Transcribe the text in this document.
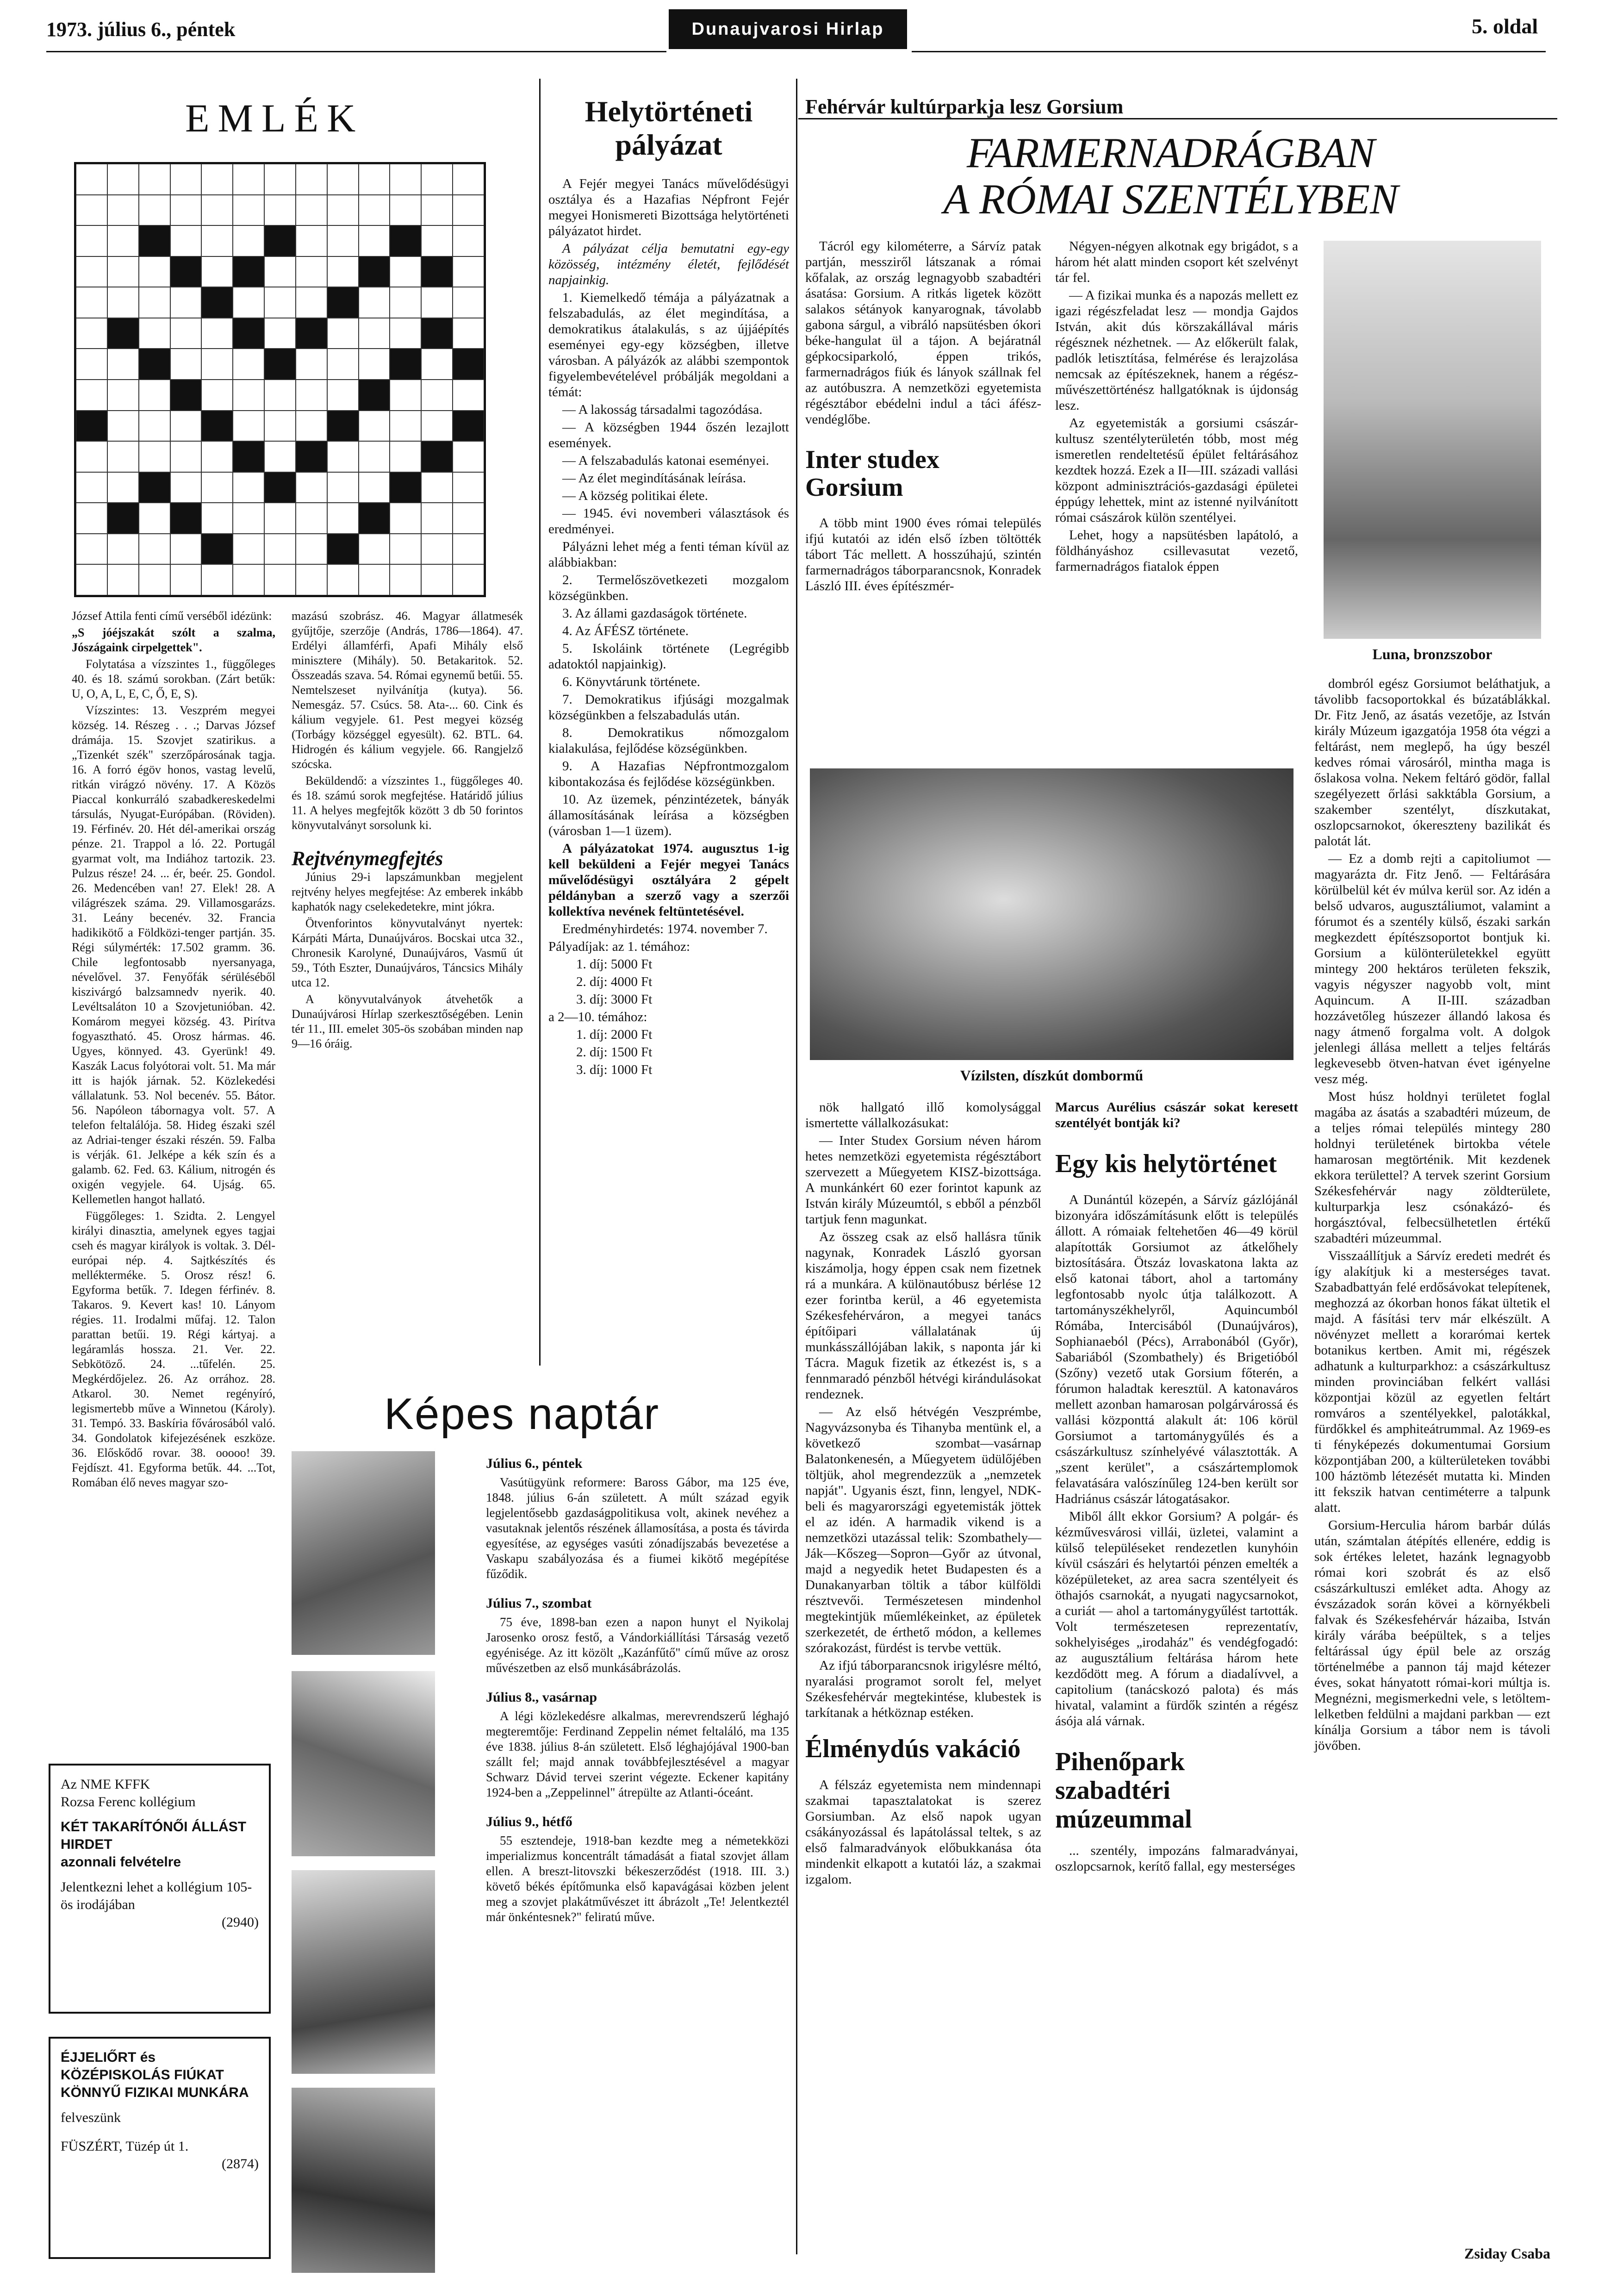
1973. július 6., péntek	Dunaujvarosi Hirlap	5. oldal
EMLÉK

József Attila fenti című verséből idézünk:

„S jóéjszakát szólt a szalma, Jószágaink cirpelgettek".

Folytatása a vízszintes 1., függőleges 40. és 18. számú sorokban. (Zárt betűk: U, O, A, L, E, C, Ő, E, S).

Vízszintes: 13. Veszprém megyei község. 14. Részeg . . .; Darvas József drámája. 15. Szovjet szatirikus. a „Tizenkét szék" szerzőpárosának tagja. 16. A forró égöv honos, vastag levelű, ritkán virágzó növény. 17. A Közös Piaccal konkurráló szabadkereskedelmi társulás, Nyugat-Európában. (Röviden). 19. Férfinév. 20. Hét dél-amerikai ország pénze. 21. Trappol a ló. 22. Portugál gyarmat volt, ma Indiához tartozik. 23. Pulzus része! 24. ... ér, beér. 25. Gondol. 26. Medencében van! 27. Elek! 28. A világrészek száma. 29. Villamosgarázs. 31. Leány becenév. 32. Francia hadikikötő a Földközi-tenger partján. 35. Régi súlymérték: 17.502 gramm. 36. Chile legfontosabb nyersanyaga, névelővel. 37. Fenyőfák sérüléséből kiszivárgó balzsamnedv nyerik. 40. Levéltsaláton 10 a Szovjetunióban. 42. Komárom megyei község. 43. Pirítva fogyasztható. 45. Orosz hármas. 46. Ugyes, könnyed. 43. Gyerünk! 49. Kaszák Lacus folyótorai volt. 51. Ma már itt is hajók járnak. 52. Közlekedési vállalatunk. 53. Nol becenév. 55. Bátor. 56. Napóleon tábornagya volt. 57. A telefon feltalálója. 58. Hideg északi szél az Adriai-tenger északi részén. 59. Falba is vérják. 61. Jelképe a kék szín és a galamb. 62. Fed. 63. Kálium, nitrogén és oxigén vegyjele. 64. Ujság. 65. Kellemetlen hangot hallató.

Függőleges: 1. Szidta. 2. Lengyel királyi dinasztia, amelynek egyes tagjai cseh és magyar királyok is voltak. 3. Dél-európai nép. 4. Sajtkészítés és mellékterméke. 5. Orosz rész! 6. Egyforma betűk. 7. Idegen férfinév. 8. Takaros. 9. Kevert kas! 10. Lányom régies. 11. Irodalmi műfaj. 12. Talon parattan betűi. 19. Régi kártyaj. a legáramlás hossza. 21. Ver. 22. Sebkötöző. 24. ...tűfelén. 25. Megkérdőjelez. 26. Az orrához. 28. Atkarol. 30. Nemet regényíró, legismertebb műve a Winnetou (Károly). 31. Tempó. 33. Baskíria fővárosából való. 34. Gondolatok kifejezésének eszköze. 36. Előskődő rovar. 38. ooooo! 39. Fejdíszt. 41. Egyforma betűk. 44. ...Tot, Romában élő neves magyar szo-

mazású szobrász. 46. Magyar állatmesék gyűjtője, szerzője (András, 1786—1864). 47. Erdélyi államférfi, Apafi Mihály első minisztere (Mihály). 50. Betakaritok. 52. Összeadás szava. 54. Római egynemű betűi. 55. Nemtelszeset nyilvánítja (kutya). 56. Nemesgáz. 57. Csúcs. 58. Ata-... 60. Cink és kálium vegyjele. 61. Pest megyei község (Torbágy községgel egyesült). 62. BTL. 64. Hidrogén és kálium vegyjele. 66. Rangjelző szócska.

Beküldendő: a vízszintes 1., függőleges 40. és 18. számú sorok megfejtése. Határidő július 11. A helyes megfejtők között 3 db 50 forintos könyvutalványt sorsolunk ki.

Rejtvénymegfejtés

Június 29-i lapszámunkban megjelent rejtvény helyes megfejtése: Az emberek inkább kaphatók nagy cselekedetekre, mint jókra.

Ötvenforintos könyvutalványt nyertek: Kárpáti Márta, Dunaújváros. Bocskai utca 32., Chronesik Karolyné, Dunaújváros, Vasmű út 59., Tóth Eszter, Dunaújváros, Táncsics Mihály utca 12.

A könyvutalványok átvehetők a Dunaújvárosi Hírlap szerkesztőségében. Lenin tér 11., III. emelet 305-ös szobában minden nap 9—16 óráig.

Helytörténeti
pályázat

A Fejér megyei Tanács művelődésügyi osztálya és a Hazafias Népfront Fejér megyei Honismereti Bizottsága helytörténeti pályázatot hirdet.

A pályázat célja bemutatni egy-egy közösség, intézmény életét, fejlődését napjainkig.

1. Kiemelkedő témája a pályázatnak a felszabadulás, az élet megindítása, a demokratikus átalakulás, s az újjáépítés eseményei egy-egy községben, illetve városban. A pályázók az alábbi szempontok figyelembevételével próbálják megoldani a témát:

— A lakosság társadalmi tagozódása.

— A községben 1944 őszén lezajlott események.

— A felszabadulás katonai eseményei.

— Az élet megindításának leírása.

— A község politikai élete.

— 1945. évi novemberi választások és eredményei.

Pályázni lehet még a fenti téman kívül az alábbiakban:

2. Termelőszövetkezeti mozgalom községünkben.

3. Az állami gazdaságok története.

4. Az ÁFÉSZ története.

5. Iskoláink története (Legrégibb adatoktól napjainkig).

6. Könyvtárunk története.

7. Demokratikus ifjúsági mozgalmak községünkben a felszabadulás után.

8. Demokratikus nőmozgalom kialakulása, fejlődése községünkben.

9. A Hazafias Népfrontmozgalom kibontakozása és fejlődése községünkben.

10. Az üzemek, pénzintézetek, bányák államosításának leírása a községben (városban 1—1 üzem).

A pályázatokat 1974. augusztus 1-ig kell beküldeni a Fejér megyei Tanács művelődésügyi osztályára 2 gépelt példányban a szerző vagy a szerzői kollektíva nevének feltüntetésével.

Eredményhirdetés: 1974. november 7.

Pályadíjak: az 1. témához:

1. díj: 5000 Ft

2. díj: 4000 Ft

3. díj: 3000 Ft

a 2—10. témához:

1. díj: 2000 Ft

2. díj: 1500 Ft

3. díj: 1000 Ft

Képes naptár
Július 6., péntek

Vasútügyünk reformere: Baross Gábor, ma 125 éve, 1848. július 6-án született. A múlt század egyik legjelentősebb gazdaságpolitikusa volt, akinek nevéhez a vasutaknak jelentős részének államosítása, a posta és távirda egyesítése, az egységes vasúti zónadíjszabás bevezetése a Vaskapu szabályozása és a fiumei kikötő megépítése fűződik.

Július 7., szombat

75 éve, 1898-ban ezen a napon hunyt el Nyikolaj Jarosenko orosz festő, a Vándorkiállítási Társaság vezető egyénisége. Az itt közölt „Kazánfűtő" című műve az orosz művészetben az első munkásábrázolás.

Július 8., vasárnap

A légi közlekedésre alkalmas, merevrendszerű léghajó megteremtője: Ferdinand Zeppelin német feltaláló, ma 135 éve 1838. július 8-án született. Első léghajójával 1900-ban szállt fel; majd annak továbbfejlesztésével a magyar Schwarz Dávid tervei szerint végezte. Eckener kapitány 1924-ben a „Zeppelinnel" átrepülte az Atlanti-óceánt.

Július 9., hétfő

55 esztendeje, 1918-ban kezdte meg a németekközi imperializmus koncentrált támadását a fiatal szovjet állam ellen. A breszt-litovszki békeszerződést (1918. III. 3.) követő békés építőmunka első kapavágásai közben jelent meg a szovjet plakátművészet itt ábrázolt „Te! Jelentkeztél már önkéntesnek?" feliratú műve.

Az NME KFFK
Rozsa Ferenc kollégium
KÉT TAKARÍTÓNŐI ÁLLÁST HIRDET
azonnali felvételre
Jelentkezni lehet a kollégium 105-ös irodájában
(2940)
ÉJJELIŐRT és KÖZÉPISKOLÁS FIÚKAT KÖNNYŰ FIZIKAI MUNKÁRA
felveszünk
FÜSZÉRT, Tüzép út 1.
(2874)
Fehérvár kultúrparkja lesz Gorsium
FARMERNADRÁGBAN
A RÓMAI SZENTÉLYBEN

Tácról egy kilométerre, a Sárvíz patak partján, messziről látszanak a római kőfalak, az ország legnagyobb szabadtéri ásatása: Gorsium. A ritkás ligetek között salakos sétányok kanyarognak, távolabb gabona sárgul, a vibráló napsütésben ókori béke-hangulat ül a tájon. A bejáratnál gépkocsiparkoló, éppen trikós, farmernadrágos fiúk és lányok szállnak fel az autóbuszra. A nemzetközi egyetemista régésztábor ebédelni indul a táci áfész-vendéglőbe.

Inter studex Gorsium

A több mint 1900 éves római település ifjú kutatói az idén első ízben töltötték tábort Tác mellett. A hosszúhajú, szintén farmernadrágos táborparancsnok, Konradek László III. éves építészmér-

Négyen-négyen alkotnak egy brigádot, s a három hét alatt minden csoport két szelvényt tár fel.

— A fizikai munka és a napozás mellett ez igazi régészfeladat lesz — mondja Gajdos István, akit dús körszakállával máris régésznek nézhetnek. — Az előkerült falak, padlók letisztítása, felmérése és lerajzolása nemcsak az építészeknek, hanem a régész-művészettörténész hallgatóknak is újdonság lesz.

Az egyetemisták a gorsiumi császár-kultusz szentélyterületén tóbb, most még ismeretlen rendeltetésű épület feltárásához kezdtek hozzá. Ezek a II—III. századi vallási központ adminisztrációs-gazdasági épületei éppúgy lehettek, mint az istenné nyilvánított római császárok külön szentélyei.

Lehet, hogy a napsütésben lapátoló, a földhányáshoz csillevasutat vezető, farmernadrágos fiatalok éppen

Vízilsten, díszkút dombormű

nök hallgató illő komolysággal ismertette vállalkozásukat:

— Inter Studex Gorsium néven három hetes nemzetközi egyetemista régésztábort szervezett a Műegyetem KISZ-bizottsága. A munkánkért 60 ezer forintot kapunk az István király Múzeumtól, s ebből a pénzből tartjuk fenn magunkat.

Az összeg csak az első hallásra tűnik nagynak, Konradek László gyorsan kiszámolja, hogy éppen csak nem fizetnek rá a munkára. A különautóbusz bérlése 12 ezer forintba kerül, a 46 egyetemista Székesfehérváron, a megyei tanács építőipari vállalatának új munkásszállójában lakik, s naponta jár ki Tácra. Maguk fizetik az étkezést is, s a fennmaradó pénzből hétvégi kirándulásokat rendeznek.

— Az első hétvégén Veszprémbe, Nagyvázsonyba és Tihanyba mentünk el, a következő szombat—vasárnap Balatonkenesén, a Műegyetem üdülőjében töltjük, ahol megrendezzük a „nemzetek napját". Ugyanis észt, finn, lengyel, NDK-beli és magyarországi egyetemisták jöttek el az idén. A harmadik vikend is a nemzetközi utazással telik: Szombathely—Ják—Kőszeg—Sopron—Győr az útvonal, majd a negyedik hetet Budapesten és a Dunakanyarban töltik a tábor külföldi résztvevői. Természetesen mindenhol megtekintjük műemlékeinket, az épületek szerkezetét, de érthető módon, a kellemes szórakozást, fürdést is tervbe vettük.

Az ifjú táborparancsnok irigylésre méltó, nyaralási programot sorolt fel, melyet Székesfehérvár megtekintése, klubestek is tarkítanak a hétköznap estéken.

Élménydús vakáció

A félszáz egyetemista nem mindennapi szakmai tapasztalatokat is szerez Gorsiumban. Az első napok ugyan csákányozással és lapátolással teltek, s az első falmaradványok előbukkanása óta mindenkit elkapott a kutatói láz, a szakmai izgalom.

Marcus Aurélius császár sokat keresett szentélyét bontják ki?

Egy kis helytörténet

A Dunántúl közepén, a Sárvíz gázlójánál bizonyára időszámításunk előtt is település állott. A rómaiak feltehetően 46—49 körül alapították Gorsiumot az átkelőhely biztosítására. Ötszáz lovaskatona lakta az első katonai tábort, ahol a tartomány legfontosabb nyolc útja találkozott. A tartományszékhelyről, Aquincumból Rómába, Intercisából (Dunaújváros), Sophianaeból (Pécs), Arrabonából (Győr), Sabariából (Szombathely) és Brigetióból (Szőny) vezető utak Gorsium főterén, a fórumon haladtak keresztül. A katonaváros mellett azonban hamarosan polgárvárossá és vallási központtá alakult át: 106 körül Gorsiumot a tartománygyűlés és a császárkultusz színhelyévé választották. A „szent kerület", a császártemplomok felavatására valószínűleg 124-ben került sor Hadriánus császár látogatásakor.

Miből állt ekkor Gorsium? A polgár- és kézművesvárosi villái, üzletei, valamint a külső településeket rendezetlen kunyhóin kívül császári és helytartói pénzen emelték a középületeket, az area sacra szentélyeit és öthajós csarnokát, a nyugati nagycsarnokot, a curiát — ahol a tartománygyűlést tartották. Volt természetesen reprezentatív, sokhelyiséges „irodaház" és vendégfogadó: az augusztálium feltárása három hete kezdődött meg. A fórum a diadalívvel, a capitolium (tanácskozó palota) és más hivatal, valamint a fürdők szintén a régész ásója alá várnak.

Pihenőpark szabadtéri múzeummal

... szentély, impozáns falmaradványai, oszlopcsarnok, kerítő fallal, egy mesterséges

Luna, bronzszobor

dombról egész Gorsiumot beláthatjuk, a távolibb facsoportokkal és búzatáblákkal. Dr. Fitz Jenő, az ásatás vezetője, az István király Múzeum igazgatója 1958 óta végzi a feltárást, nem meglepő, ha úgy beszél kedves római városáról, mintha maga is őslakosa volna. Nekem feltáró gödör, fallal szegélyezett őrlási sakktábla Gorsium, a szakember szentélyt, díszkutakat, oszlopcsarnokot, ókereszteny bazilikát és palotát lát.

— Ez a domb rejti a capitoliumot — magyarázta dr. Fitz Jenő. — Feltárására körülbelül két év múlva kerül sor. Az idén a belső udvaros, augusztáliumot, valamint a fórumot és a szentély külső, északi sarkán megkezdett építészsoportot bontjuk ki. Gorsium a különterületekkel együtt mintegy 200 hektáros területen fekszik, vagyis négyszer nagyobb volt, mint Aquincum. A II-III. században hozzávetőleg húszezer állandó lakosa és nagy átmenő forgalma volt. A dolgok jelenlegi állása mellett a teljes feltárás legkevesebb ötven-hatvan évet igényelne vesz még.

Most húsz holdnyi területet foglal magába az ásatás a szabadtéri múzeum, de a teljes római település mintegy 280 holdnyi területének birtokba vétele hamarosan megtörténik. Mit kezdenek ekkora területtel? A tervek szerint Gorsium Székesfehérvár nagy zöldterülete, kulturparkja lesz csónakázó- és horgásztóval, felbecsülhetetlen értékű szabadtéri múzeummal.

Visszaállítjuk a Sárvíz eredeti medrét és így alakítjuk ki a mesterséges tavat. Szabadbattyán felé erdősávokat telepítenek, meghozzá az ókorban honos fákat ültetik el majd. A fásítási terv már elkészült. A növényzet mellett a korarómai kertek botanikus kertben. Amit mi, régészek adhatunk a kulturparkhoz: a császárkultusz minden provinciában felkért vallási központjai közül az egyetlen feltárt romváros a szentélyekkel, palotákkal, fürdőkkel és amphiteátrummal. Az 1969-es ti fényképezés dokumentumai Gorsium központjában 200, a külterületeken további 100 háztömb létezését mutatta ki. Minden itt fekszik hatvan centiméterre a talpunk alatt.

Gorsium-Herculia három barbár dúlás után, számtalan átépítés ellenére, eddig is sok értékes leletet, hazánk legnagyobb római kori szobrát és az első császárkultuszi emléket adta. Ahogy az évszázadok során kövei a környékbeli falvak és Székesfehérvár házaiba, István király várába beépültek, s a teljes feltárással úgy épül bele az ország történelmébe a pannon táj majd kétezer éves, sokat hányatott római-kori múltja is. Megnézni, megismerkedni vele, s letöltem-lelketben feldülni a majdani parkban — ezt kínálja Gorsium a tábor nem is távoli jövőben.

Zsiday Csaba
